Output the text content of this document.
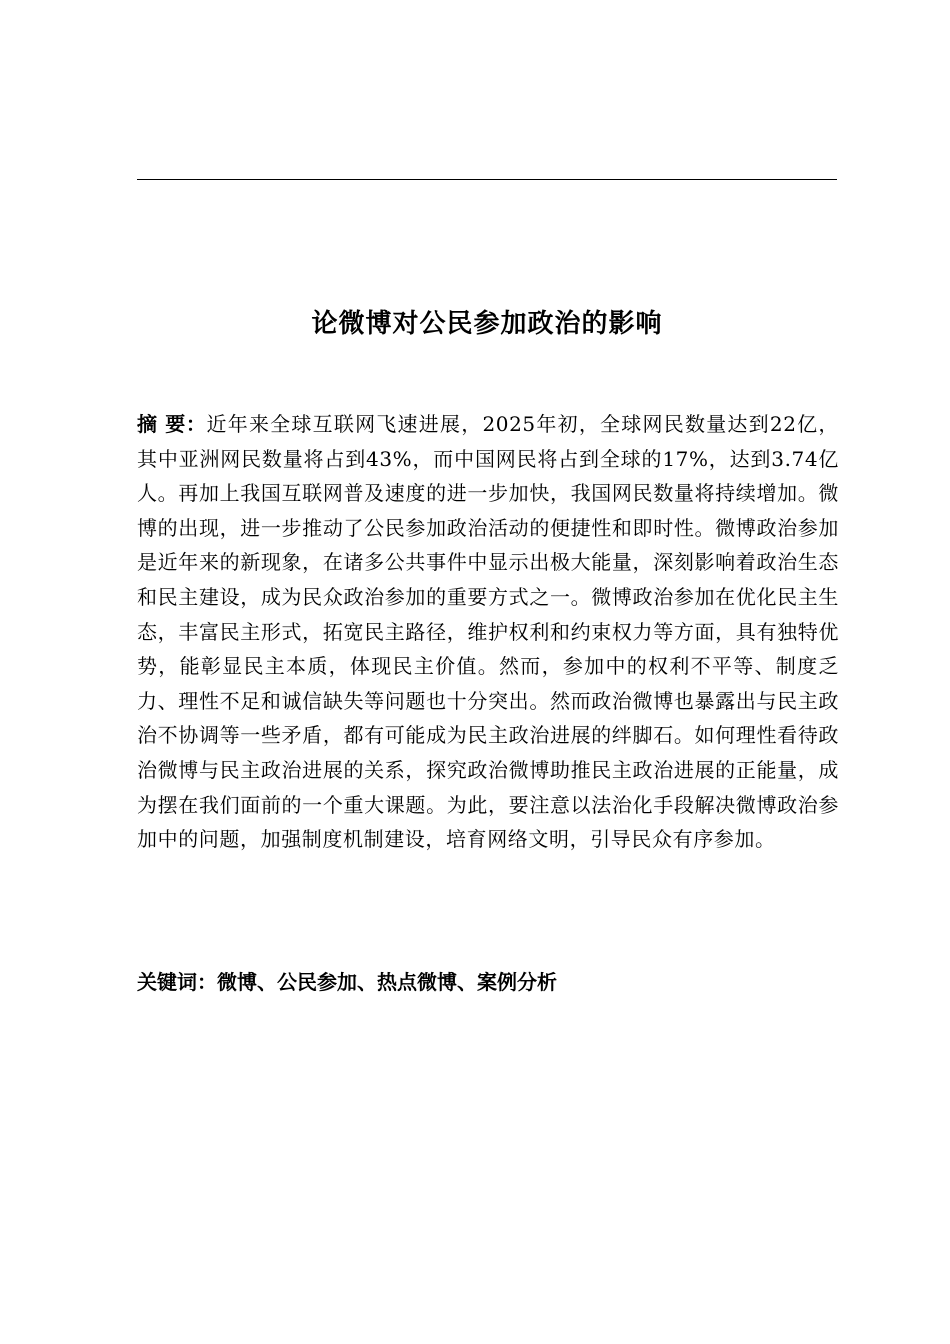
论微博对公民参加政治的影响

摘 要：近年来全球互联网飞速进展，2025年初，全球网民数量达到22亿，其中亚洲网民数量将占到43%，而中国网民将占到全球的17%，达到3.74亿人。再加上我国互联网普及速度的进一步加快，我国网民数量将持续增加。微博的出现，进一步推动了公民参加政治活动的便捷性和即时性。微博政治参加是近年来的新现象，在诸多公共事件中显示出极大能量，深刻影响着政治生态和民主建设，成为民众政治参加的重要方式之一。微博政治参加在优化民主生态，丰富民主形式，拓宽民主路径，维护权利和约束权力等方面，具有独特优势，能彰显民主本质，体现民主价值。然而，参加中的权利不平等、制度乏力、理性不足和诚信缺失等问题也十分突出。然而政治微博也暴露出与民主政治不协调等一些矛盾，都有可能成为民主政治进展的绊脚石。如何理性看待政治微博与民主政治进展的关系，探究政治微博助推民主政治进展的正能量，成为摆在我们面前的一个重大课题。为此，要注意以法治化手段解决微博政治参加中的问题，加强制度机制建设，培育网络文明，引导民众有序参加。

关键词：微博、公民参加、热点微博、案例分析
